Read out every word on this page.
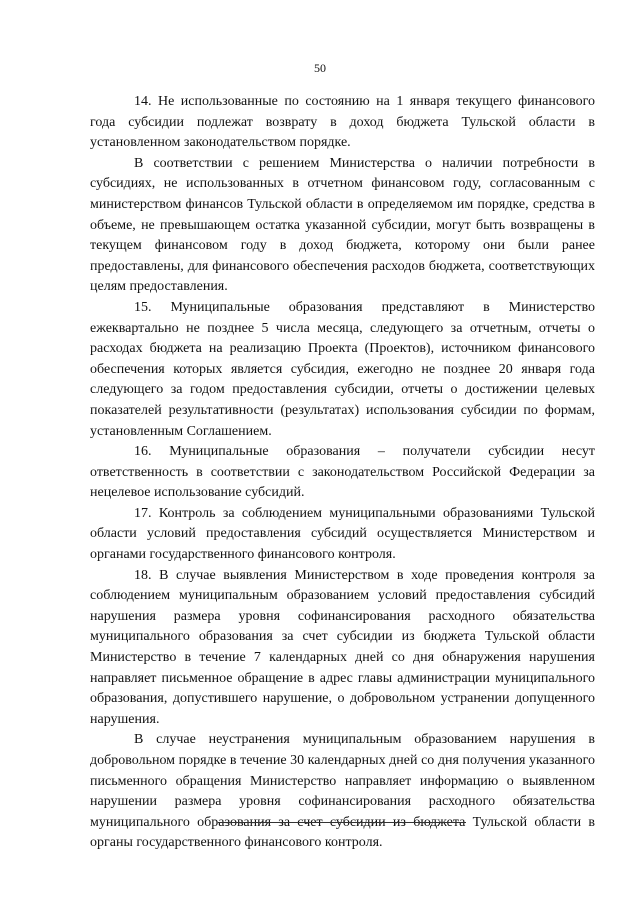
50

14. Не использованные по состоянию на 1 января текущего финансового года субсидии подлежат возврату в доход бюджета Тульской области в установленном законодательством порядке.

В соответствии с решением Министерства о наличии потребности в субсидиях, не использованных в отчетном финансовом году, согласованным с министерством финансов Тульской области в определяемом им порядке, средства в объеме, не превышающем остатка указанной субсидии, могут быть возвращены в текущем финансовом году в доход бюджета, которому они были ранее предоставлены, для финансового обеспечения расходов бюджета, соответствующих целям предоставления.

15. Муниципальные образования представляют в Министерство ежеквартально не позднее 5 числа месяца, следующего за отчетным, отчеты о расходах бюджета на реализацию Проекта (Проектов), источником финансового обеспечения которых является субсидия, ежегодно не позднее 20 января года следующего за годом предоставления субсидии, отчеты о достижении целевых показателей результативности (результатах) использования субсидии по формам, установленным Соглашением.

16. Муниципальные образования – получатели субсидии несут ответственность в соответствии с законодательством Российской Федерации за нецелевое использование субсидий.

17. Контроль за соблюдением муниципальными образованиями Тульской области условий предоставления субсидий осуществляется Министерством и органами государственного финансового контроля.

18. В случае выявления Министерством в ходе проведения контроля за соблюдением муниципальным образованием условий предоставления субсидий нарушения размера уровня софинансирования расходного обязательства муниципального образования за счет субсидии из бюджета Тульской области Министерство в течение 7 календарных дней со дня обнаружения нарушения направляет письменное обращение в адрес главы администрации муниципального образования, допустившего нарушение, о добровольном устранении допущенного нарушения.

В случае неустранения муниципальным образованием нарушения в добровольном порядке в течение 30 календарных дней со дня получения указанного письменного обращения Министерство направляет информацию о выявленном нарушении размера уровня софинансирования расходного обязательства муниципального образования за счет субсидии из бюджета Тульской области в органы государственного финансового контроля.
